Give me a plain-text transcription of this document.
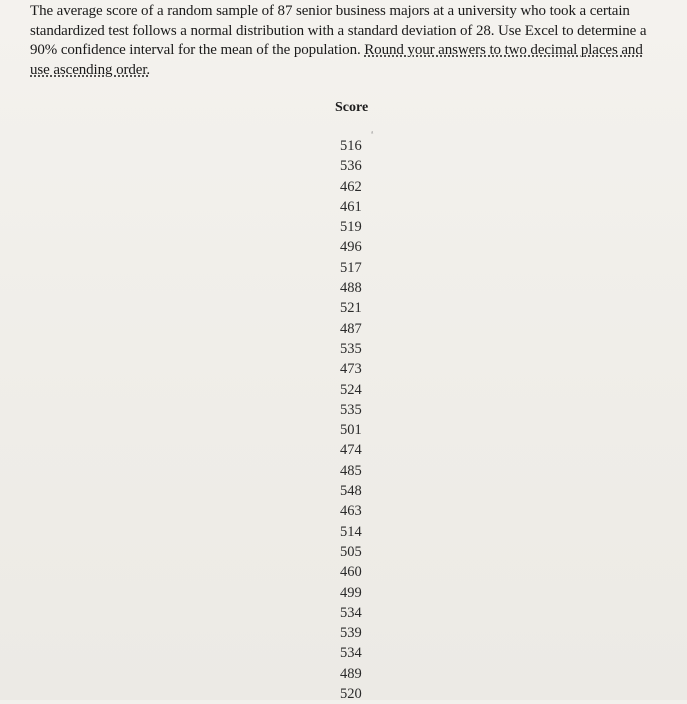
The average score of a random sample of 87 senior business majors at a university who took a certain
standardized test follows a normal distribution with a standard deviation of 28. Use Excel to determine a
90% confidence interval for the mean of the population. Round your answers to two decimal places and
use ascending order.
Score
ᵃ
516
536
462
461
519
496
517
488
521
487
535
473
524
535
501
474
485
548
463
514
505
460
499
534
539
534
489
520
